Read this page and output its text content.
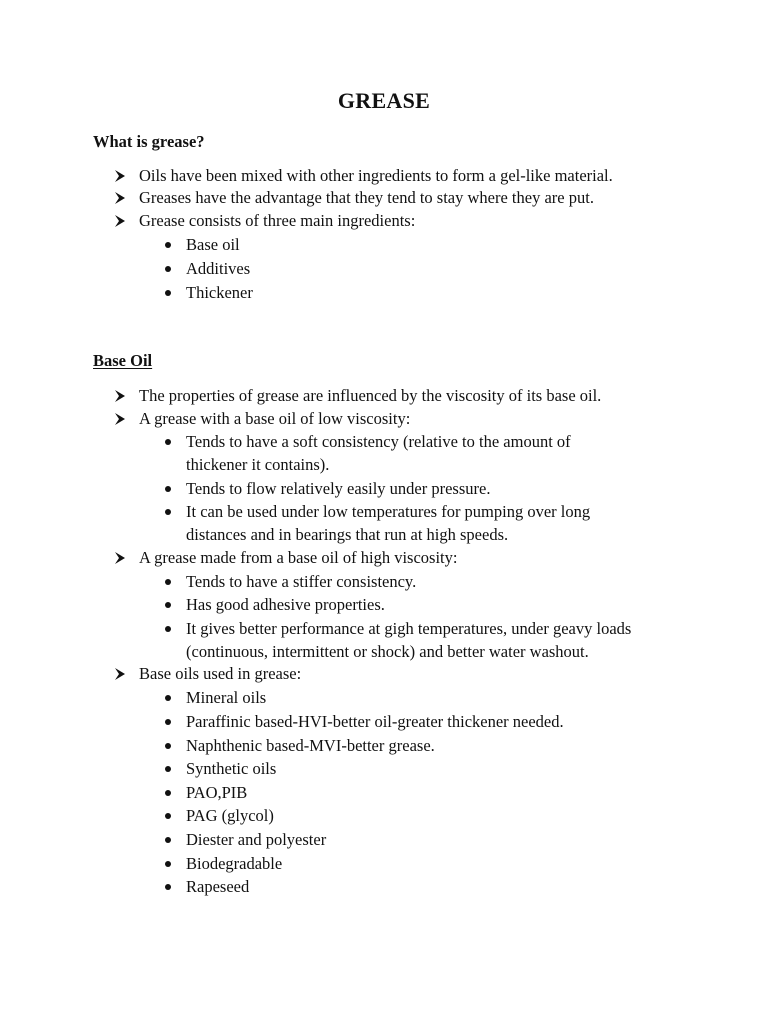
GREASE
What is grease?
Oils have been mixed with other ingredients to form a gel-like material.
Greases have the advantage that they tend to stay where they are put.
Grease consists of three main ingredients:
Base oil
Additives
Thickener
Base Oil
The properties of grease are influenced by the viscosity of its base oil.
A grease with a base oil of low viscosity:
Tends to have a soft consistency (relative to the amount of
thickener it contains).
Tends to flow relatively easily under pressure.
It can be used under low temperatures for pumping over long
distances and in bearings that run at high speeds.
A grease made from a base oil of high viscosity:
Tends to have a stiffer consistency.
Has good adhesive properties.
It gives better performance at gigh temperatures, under geavy loads
(continuous, intermittent or shock) and better water washout.
Base oils used in grease:
Mineral oils
Paraffinic based-HVI-better oil-greater thickener needed.
Naphthenic based-MVI-better grease.
Synthetic oils
PAO,PIB
PAG (glycol)
Diester and polyester
Biodegradable
Rapeseed
